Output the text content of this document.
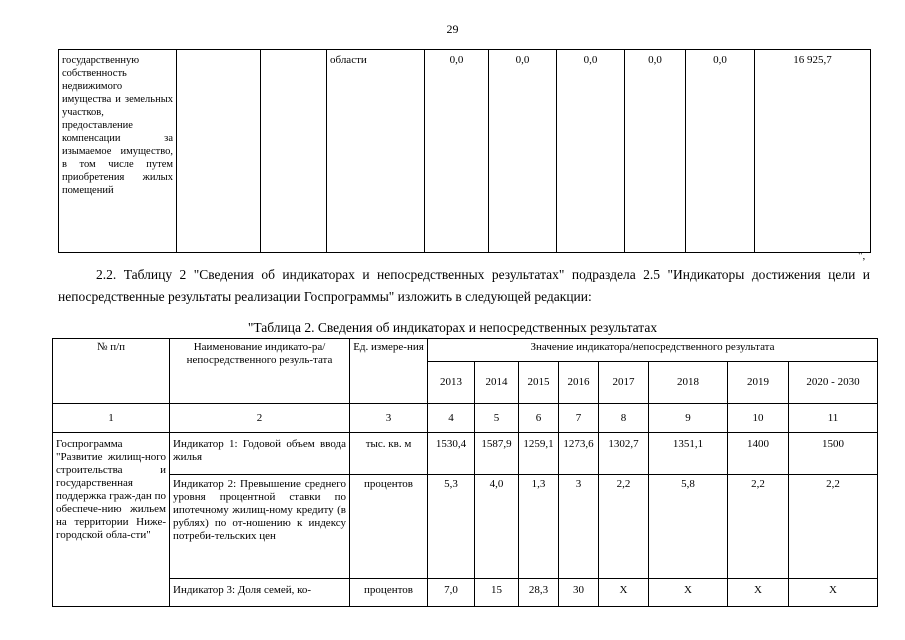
29
государственную собственность недвижимого имущества и земельных участков, предоставление компенсации за изымаемое имущество, в том числе путем приобретения жилых помещений			области	0,0	0,0	0,0	0,0	0,0	16 925,7
",
2.2. Таблицу 2 "Сведения об индикаторах и непосредственных результатах" подраздела 2.5 "Индикаторы достижения цели и непосредственные результаты реализации Госпрограммы" изложить в следующей редакции:
"Таблица 2. Сведения об индикаторах и непосредственных результатах
№ п/п	Наименование индикато-ра/непосредственного резуль-тата	Ед. измере-ния	Значение индикатора/непосредственного результата							
			2013	2014	2015	2016	2017	2018	2019	2020 - 2030
1	2	3	4	5	6	7	8	9	10	11
Госпрограмма "Развитие жилищ-ного строительства и государственная поддержка граж-дан по обеспече-нию жильем на территории Ниже-городской обла-сти"	Индикатор 1: Годовой объем ввода жилья	тыс. кв. м	1530,4	1587,9	1259,1	1273,6	1302,7	1351,1	1400	1500
	Индикатор 2: Превышение среднего уровня процентной ставки по ипотечному жилищ-ному кредиту (в рублях) по от-ношению к индексу потреби-тельских цен	процентов	5,3	4,0	1,3	3	2,2	5,8	2,2	2,2
	Индикатор 3: Доля семей, ко-	процентов	7,0	15	28,3	30	X	X	X	X
